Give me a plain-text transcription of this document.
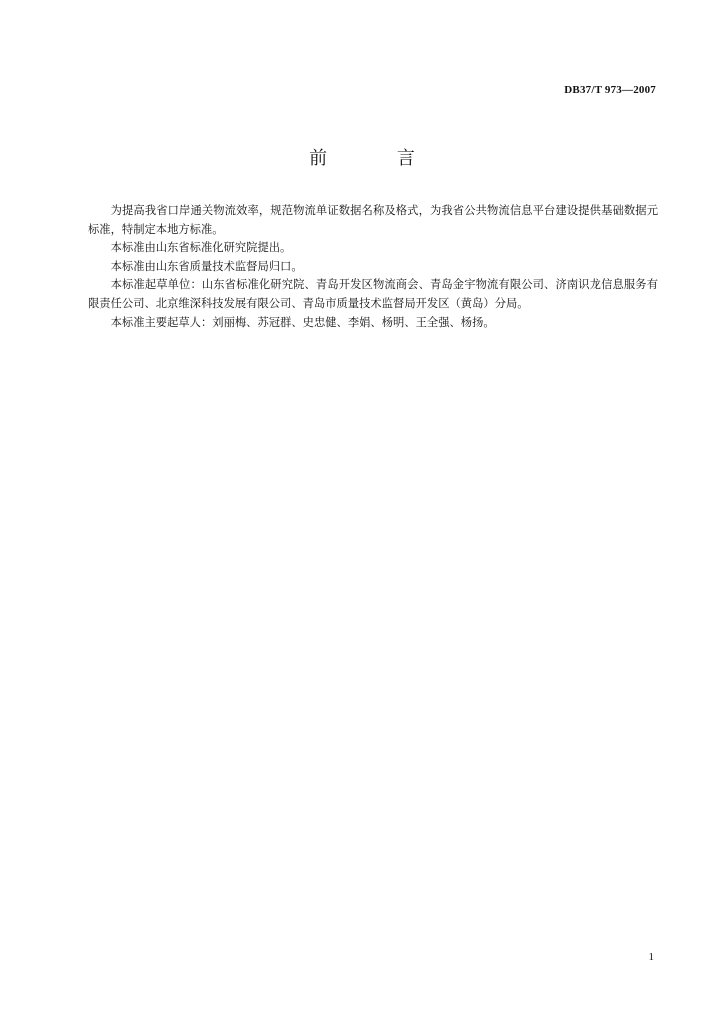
DB37/T 973—2007
前 言

为提高我省口岸通关物流效率，规范物流单证数据名称及格式，为我省公共物流信息平台建设提供基础数据元标准，特制定本地方标准。

本标准由山东省标准化研究院提出。

本标准由山东省质量技术监督局归口。

本标准起草单位：山东省标准化研究院、青岛开发区物流商会、青岛金宇物流有限公司、济南识龙信息服务有限责任公司、北京维深科技发展有限公司、青岛市质量技术监督局开发区（黄岛）分局。

本标准主要起草人：刘丽梅、苏冠群、史忠健、李娟、杨明、王全强、杨扬。

1
